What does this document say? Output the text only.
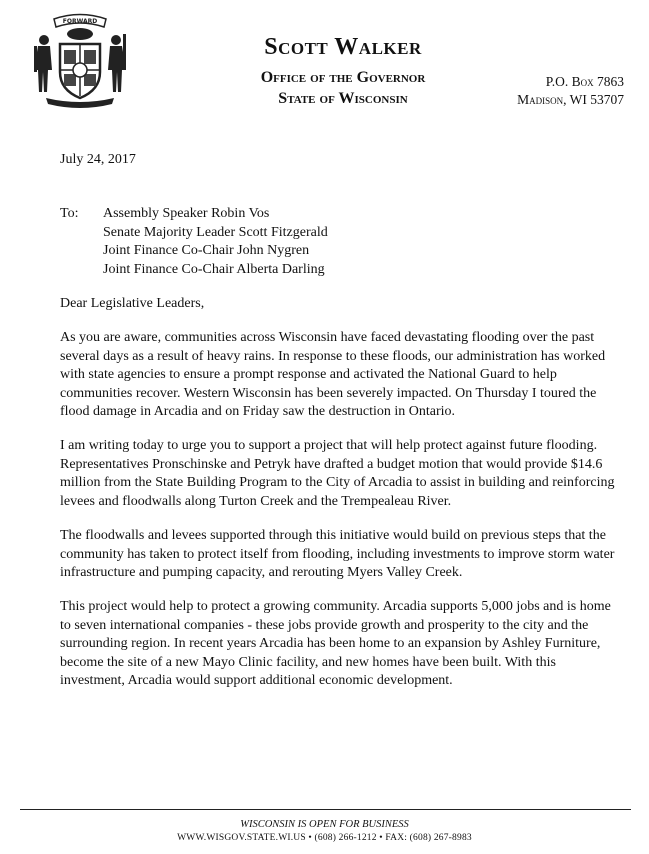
FORWARD
Scott Walker
Office of the Governor
State of Wisconsin
P.O. Box 7863
Madison, WI 53707

July 24, 2017

To:	Assembly Speaker Robin Vos
Senate Majority Leader Scott Fitzgerald
Joint Finance Co-Chair John Nygren
Joint Finance Co-Chair Alberta Darling
Dear Legislative Leaders,

As you are aware, communities across Wisconsin have faced devastating flooding over the past several days as a result of heavy rains. In response to these floods, our administration has worked with state agencies to ensure a prompt response and activated the National Guard to help communities recover. Western Wisconsin has been severely impacted. On Thursday I toured the flood damage in Arcadia and on Friday saw the destruction in Ontario.

I am writing today to urge you to support a project that will help protect against future flooding. Representatives Pronschinske and Petryk have drafted a budget motion that would provide $14.6 million from the State Building Program to the City of Arcadia to assist in building and reinforcing levees and floodwalls along Turton Creek and the Trempealeau River.

The floodwalls and levees supported through this initiative would build on previous steps that the community has taken to protect itself from flooding, including investments to improve storm water infrastructure and pumping capacity, and rerouting Myers Valley Creek.

This project would help to protect a growing community. Arcadia supports 5,000 jobs and is home to seven international companies - these jobs provide growth and prosperity to the city and the surrounding region. In recent years Arcadia has been home to an expansion by Ashley Furniture, become the site of a new Mayo Clinic facility, and new homes have been built. With this investment, Arcadia would support additional economic development.

WISCONSIN IS OPEN FOR BUSINESS
WWW.WISGOV.STATE.WI.US • (608) 266-1212 • FAX: (608) 267-8983
